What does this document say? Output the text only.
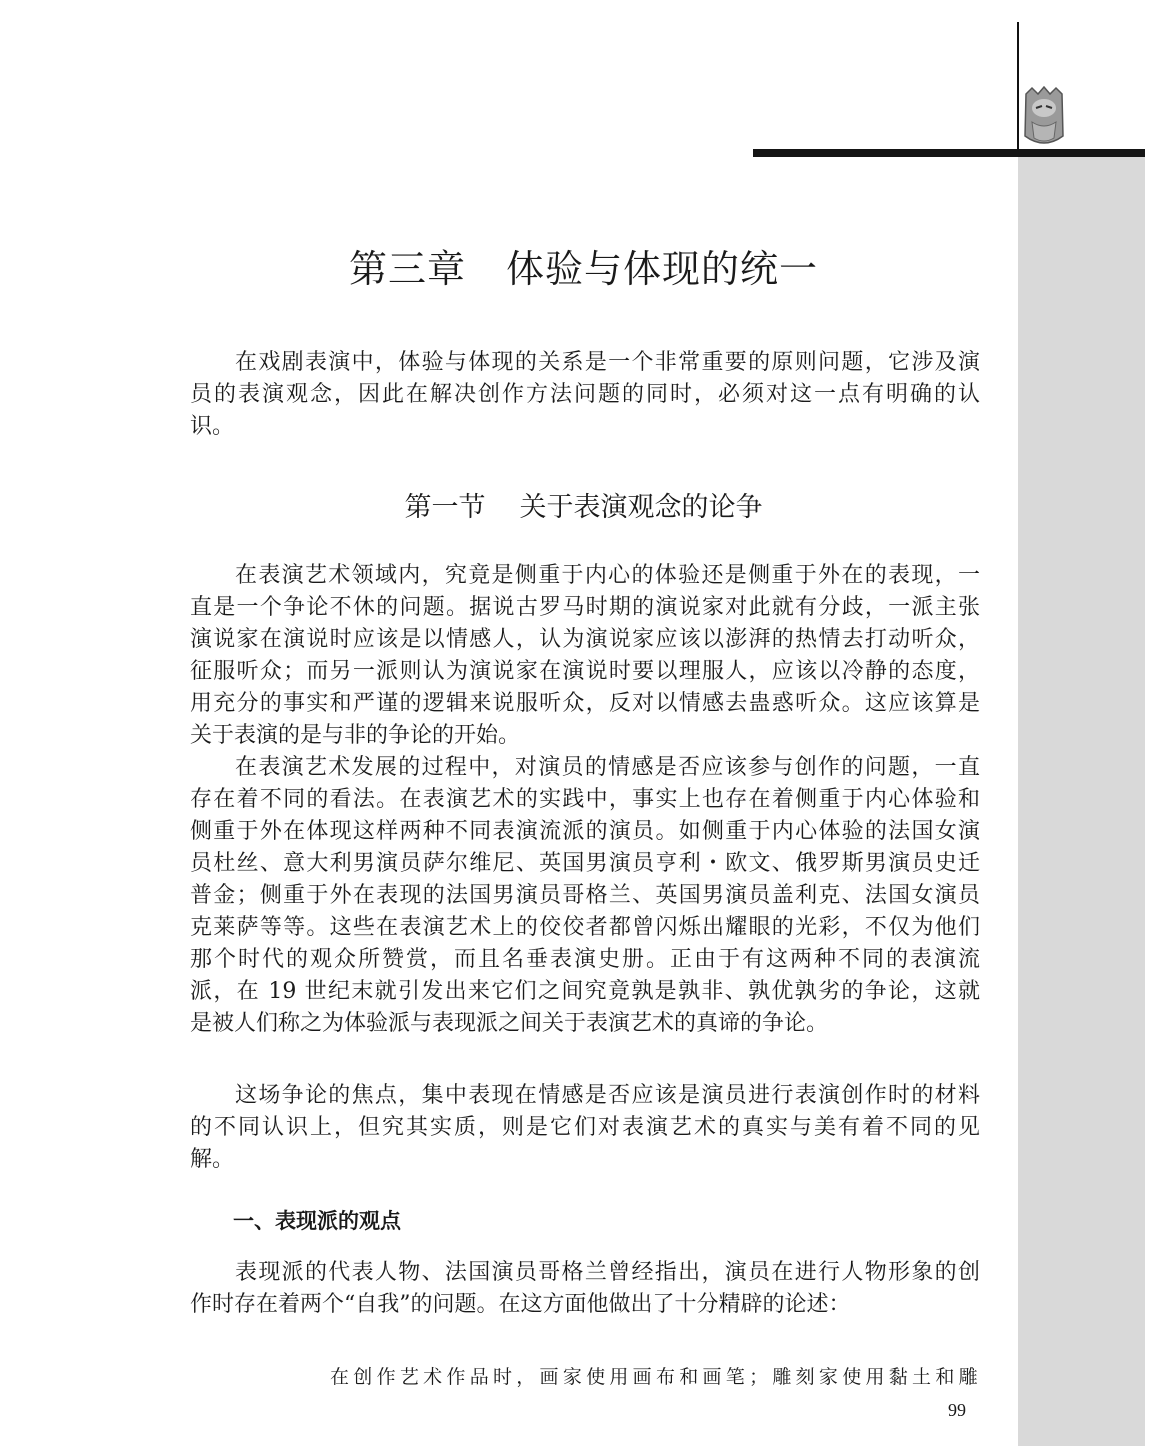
第三章 体验与体现的统一
在戏剧表演中，体验与体现的关系是一个非常重要的原则问题，它涉及演
员的表演观念，因此在解决创作方法问题的同时，必须对这一点有明确的认
识。
第一节 关于表演观念的论争
在表演艺术领域内，究竟是侧重于内心的体验还是侧重于外在的表现，一
直是一个争论不休的问题。据说古罗马时期的演说家对此就有分歧，一派主张
演说家在演说时应该是以情感人，认为演说家应该以澎湃的热情去打动听众，
征服听众；而另一派则认为演说家在演说时要以理服人，应该以冷静的态度，
用充分的事实和严谨的逻辑来说服听众，反对以情感去蛊惑听众。这应该算是
关于表演的是与非的争论的开始。
在表演艺术发展的过程中，对演员的情感是否应该参与创作的问题，一直
存在着不同的看法。在表演艺术的实践中，事实上也存在着侧重于内心体验和
侧重于外在体现这样两种不同表演流派的演员。如侧重于内心体验的法国女演
员杜丝、意大利男演员萨尔维尼、英国男演员亨利・欧文、俄罗斯男演员史迁
普金；侧重于外在表现的法国男演员哥格兰、英国男演员盖利克、法国女演员
克莱萨等等。这些在表演艺术上的佼佼者都曾闪烁出耀眼的光彩，不仅为他们
那个时代的观众所赞赏，而且名垂表演史册。正由于有这两种不同的表演流
派，在 19 世纪末就引发出来它们之间究竟孰是孰非、孰优孰劣的争论，这就
是被人们称之为体验派与表现派之间关于表演艺术的真谛的争论。
这场争论的焦点，集中表现在情感是否应该是演员进行表演创作时的材料
的不同认识上，但究其实质，则是它们对表演艺术的真实与美有着不同的见
解。
一、表现派的观点
表现派的代表人物、法国演员哥格兰曾经指出，演员在进行人物形象的创
作时存在着两个“自我”的问题。在这方面他做出了十分精辟的论述：
在创作艺术作品时，画家使用画布和画笔；雕刻家使用黏土和雕
99
